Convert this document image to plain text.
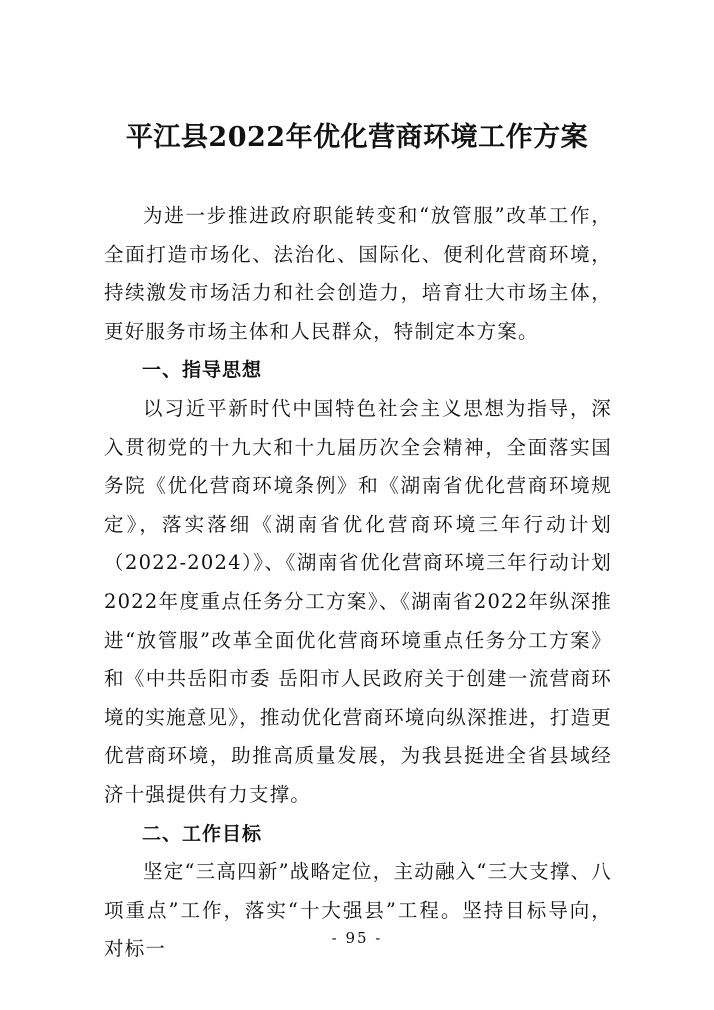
平江县2022年优化营商环境工作方案

为进一步推进政府职能转变和“放管服”改革工作，全面打造市场化、法治化、国际化、便利化营商环境，持续激发市场活力和社会创造力，培育壮大市场主体，更好服务市场主体和人民群众，特制定本方案。

一、指导思想

以习近平新时代中国特色社会主义思想为指导，深入贯彻党的十九大和十九届历次全会精神，全面落实国务院《优化营商环境条例》和《湖南省优化营商环境规定》，落实落细《湖南省优化营商环境三年行动计划（2022-2024）》、《湖南省优化营商环境三年行动计划2022年度重点任务分工方案》、《湖南省2022年纵深推进“放管服”改革全面优化营商环境重点任务分工方案》和《中共岳阳市委 岳阳市人民政府关于创建一流营商环境的实施意见》，推动优化营商环境向纵深推进，打造更优营商环境，助推高质量发展，为我县挺进全省县域经济十强提供有力支撑。

二、工作目标

坚定“三高四新”战略定位，主动融入“三大支撑、八项重点”工作，落实“十大强县”工程。坚持目标导向，对标一	- 95 -
